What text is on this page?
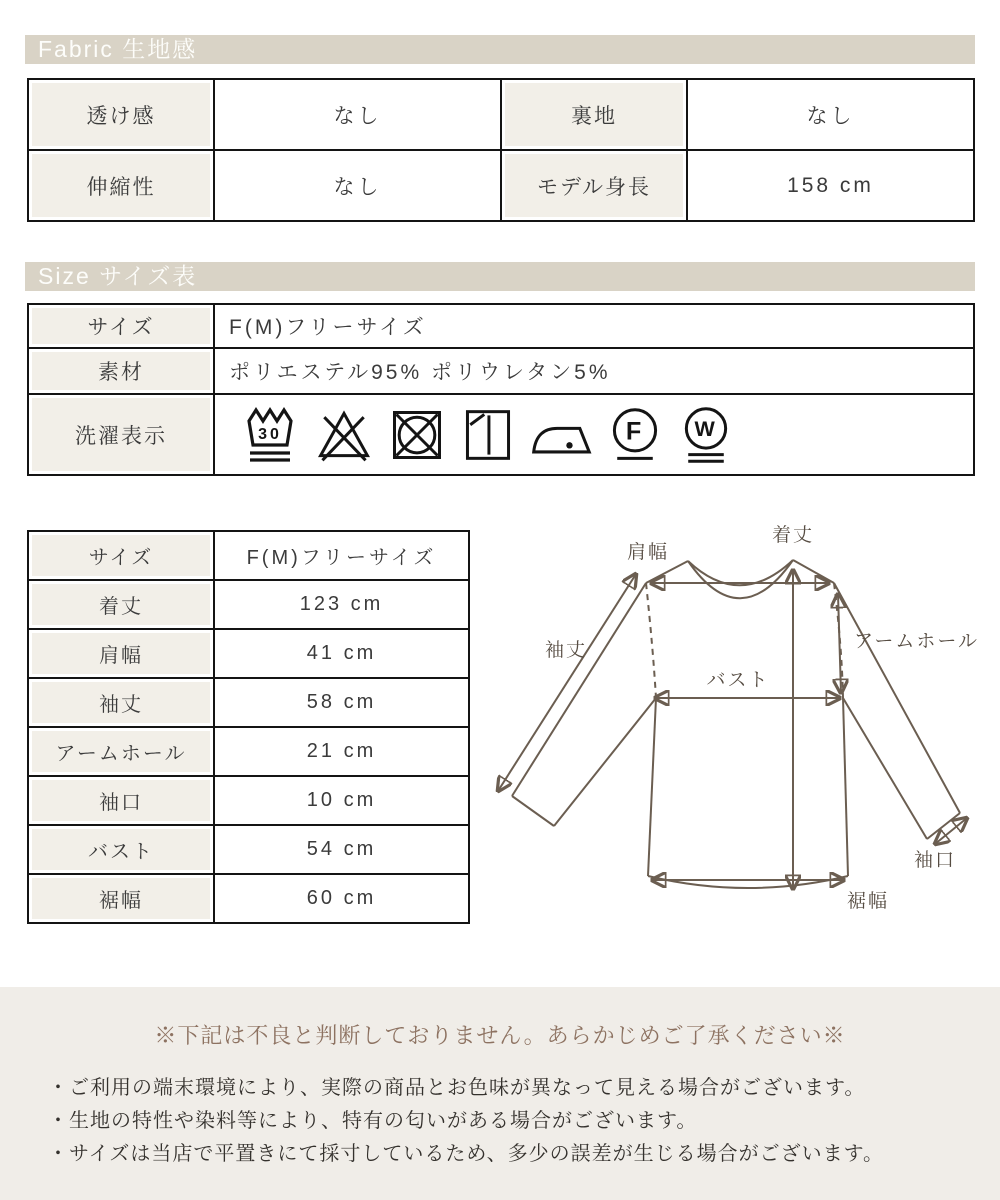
Fabric 生地感
透け感	なし	裏地	なし
伸縮性	なし	モデル身長	158 cm
Size サイズ表
サイズ	F(M)フリーサイズ
素材	ポリエステル95% ポリウレタン5%
洗濯表示	30 F W
サイズ	F(M)フリーサイズ
着丈	123 cm
肩幅	41 cm
袖丈	58 cm
アームホール	21 cm
袖口	10 cm
バスト	54 cm
裾幅	60 cm
着丈
肩幅
袖丈	アームホール
バスト
袖口
裾幅
※下記は不良と判断しておりません。あらかじめご了承ください※
・ご利用の端末環境により、実際の商品とお色味が異なって見える場合がございます。
・生地の特性や染料等により、特有の匂いがある場合がございます。
・サイズは当店で平置きにて採寸しているため、多少の誤差が生じる場合がございます。
